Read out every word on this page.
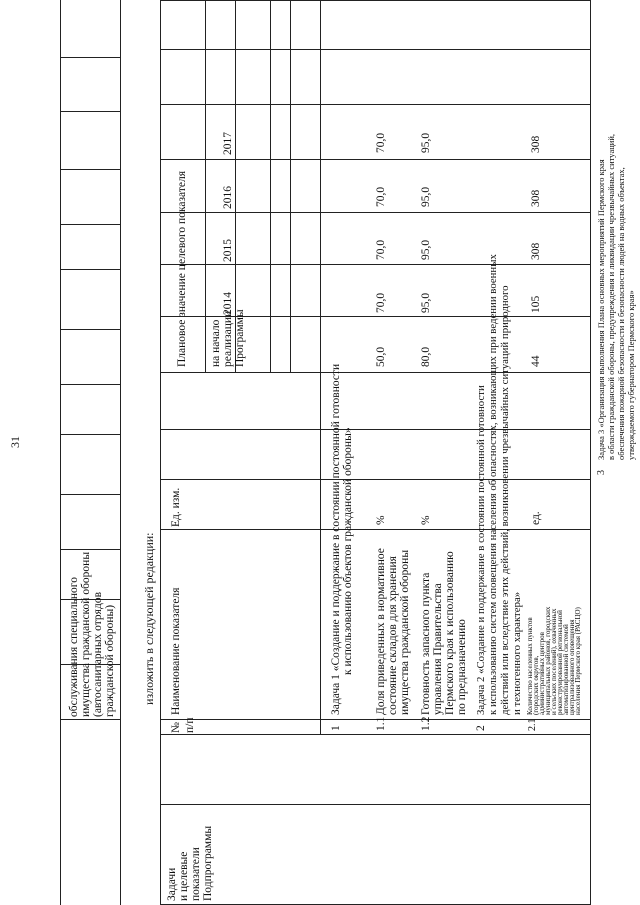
31
обслуживания специального имущества гражданской обороны (автосанитарных отрядов гражданской обороны) изложить в следующей редакции:
Задачи и целевые показатели Подпрограммы
№ п/п
Наименование показателя
Ед. изм.
Плановое значение целевого показателя на начало реализации Программы
2014
2015
2016
2017
1
Задача 1 «Создание и поддержание в состоянии постоянной готовности к использованию объектов гражданской обороны»
1.1
Доля приведенных в нормативное состояние складов для хранения имущества гражданской обороны
%
50,0
70,0
70,0
70,0
70,0
1.2
Готовность запасного пункта управления Правительства Пермского края к использованию по предназначению
%
80,0
95,0
95,0
95,0
95,0
2
Задача 2 «Создание и поддержание в состоянии постоянной готовности к использованию систем оповещения населения об опасностях, возникающих при ведении военных действий или вследствие этих действий, возникновении чрезвычайных ситуаций природного и техногенного характера»
2.1
Количество населенных пунктов
(городских округов,
административных центров
муниципальных районов, городских
и сельских поселений), охваченных
реконструированной региональной
автоматизированной системой
централизованного оповещения
населения Пермского края (РАСЦО)
ед.
44
105
308
308
308
3
Задача 3 «Организация выполнения Плана основных мероприятий Пермского края в области гражданской обороны, предупреждения и ликвидации чрезвычайных ситуаций, обеспечения пожарной безопасности и безопасности людей на водных объектах, утверждаемого губернатором Пермского края»
